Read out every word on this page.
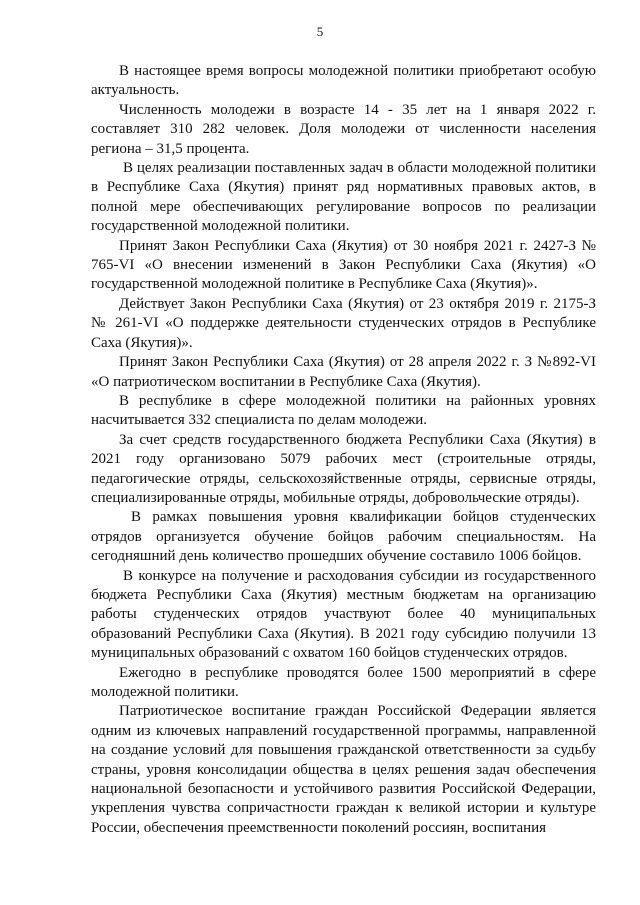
5

В настоящее время вопросы молодежной политики приобретают особую актуальность.

Численность молодежи в возрасте 14 - 35 лет на 1 января 2022 г. составляет 310 282 человек. Доля молодежи от численности населения региона – 31,5 процента.

В целях реализации поставленных задач в области молодежной политики в Республике Саха (Якутия) принят ряд нормативных правовых актов, в полной мере обеспечивающих регулирование вопросов по реализации государственной молодежной политики.

Принят Закон Республики Саха (Якутия) от 30 ноября 2021 г. 2427-З № 765-VI «О внесении изменений в Закон Республики Саха (Якутия) «О государственной молодежной политике в Республике Саха (Якутия)».

Действует Закон Республики Саха (Якутия) от 23 октября 2019 г. 2175-З № 261-VI «О поддержке деятельности студенческих отрядов в Республике Саха (Якутия)».

Принят Закон Республики Саха (Якутия) от 28 апреля 2022 г. З №892-VI «О патриотическом воспитании в Республике Саха (Якутия).

В республике в сфере молодежной политики на районных уровнях насчитывается 332 специалиста по делам молодежи.

За счет средств государственного бюджета Республики Саха (Якутия) в 2021 году организовано 5079 рабочих мест (строительные отряды, педагогические отряды, сельскохозяйственные отряды, сервисные отряды, специализированные отряды, мобильные отряды, добровольческие отряды).

В рамках повышения уровня квалификации бойцов студенческих отрядов организуется обучение бойцов рабочим специальностям. На сегодняшний день количество прошедших обучение составило 1006 бойцов.

В конкурсе на получение и расходования субсидии из государственного бюджета Республики Саха (Якутия) местным бюджетам на организацию работы студенческих отрядов участвуют более 40 муниципальных образований Республики Саха (Якутия). В 2021 году субсидию получили 13 муниципальных образований с охватом 160 бойцов студенческих отрядов.

Ежегодно в республике проводятся более 1500 мероприятий в сфере молодежной политики.

Патриотическое воспитание граждан Российской Федерации является одним из ключевых направлений государственной программы, направленной на создание условий для повышения гражданской ответственности за судьбу страны, уровня консолидации общества в целях решения задач обеспечения национальной безопасности и устойчивого развития Российской Федерации, укрепления чувства сопричастности граждан к великой истории и культуре России, обеспечения преемственности поколений россиян, воспитания
